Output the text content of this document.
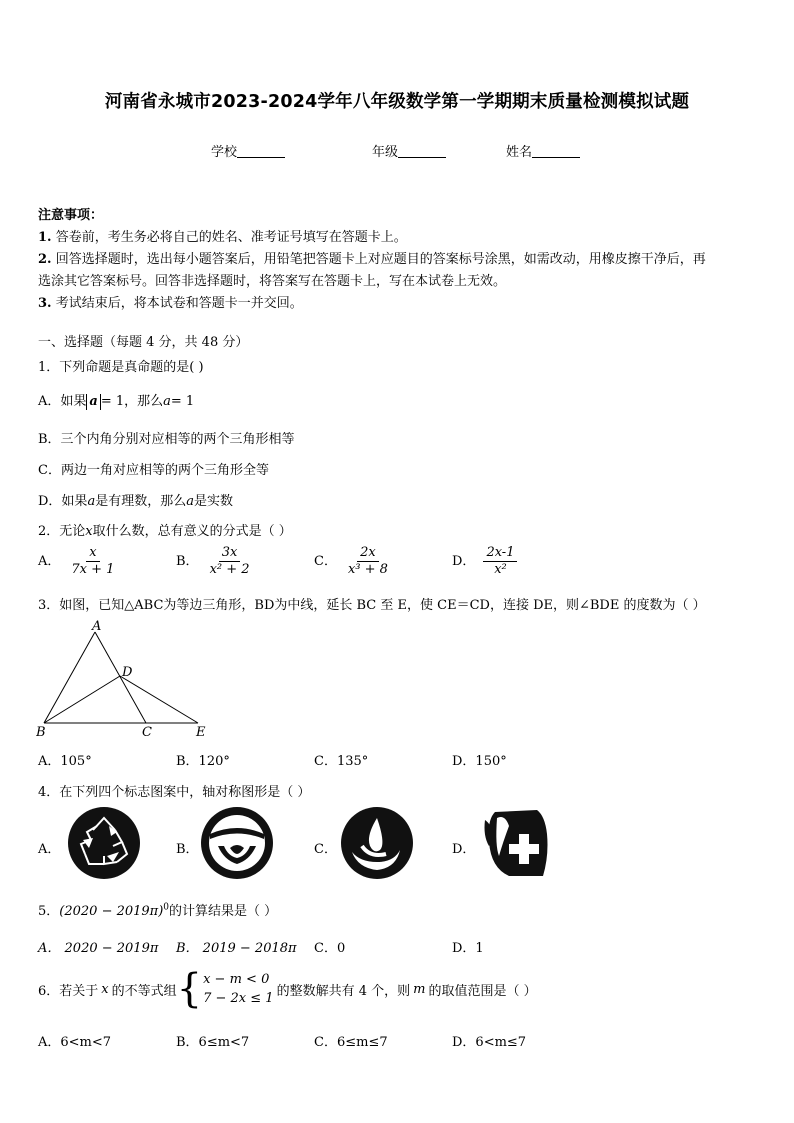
河南省永城市2023-2024学年八年级数学第一学期期末质量检测模拟试题
学校	年级	姓名
注意事项：
1. 答卷前，考生务必将自己的姓名、准考证号填写在答题卡上。
2. 回答选择题时，选出每小题答案后，用铅笔把答题卡上对应题目的答案标号涂黑，如需改动，用橡皮擦干净后，再
选涂其它答案标号。回答非选择题时，将答案写在答题卡上，写在本试卷上无效。
3. 考试结束后，将本试卷和答题卡一并交回。
一、选择题（每题 4 分，共 48 分）
1．下列命题是真命题的是( )
A．如果 a = 1，那么a= 1
B．三个内角分别对应相等的两个三角形相等
C．两边一角对应相等的两个三角形全等
D．如果a是有理数，那么a是实数
2．无论x取什么数，总有意义的分式是（ ）
A． $\frac{x}{7x + 1}$	B． $\frac{3x}{\text{x² + 2}}$	C． $\frac{2x}{\text{x³ + 8}}$	D． $\frac{2x-1}{\text{x²}}$
3．如图，已知△ABC为等边三角形，BD为中线，延长 BC 至 E，使 CE＝CD，连接 DE，则∠BDE 的度数为（ ）
A
D
B	C	E
A．105°	B．120°	C．135°	D．150°
4．在下列四个标志图案中，轴对称图形是（ ）
A．	B．	C．	D．
5．$(2020 - 2019\pi)^0$的计算结果是（ ）
A． 2020 − 2019π B． 2019 − 2018π C．0	D．1
6．若关于 x 的不等式组 { x − m < 0
7 − 2x ≤ 1 的整数解共有 4 个，则 m 的取值范围是（ ）
A．6<m<7	B．6≤m<7	C．6≤m≤7	D．6<m≤7
